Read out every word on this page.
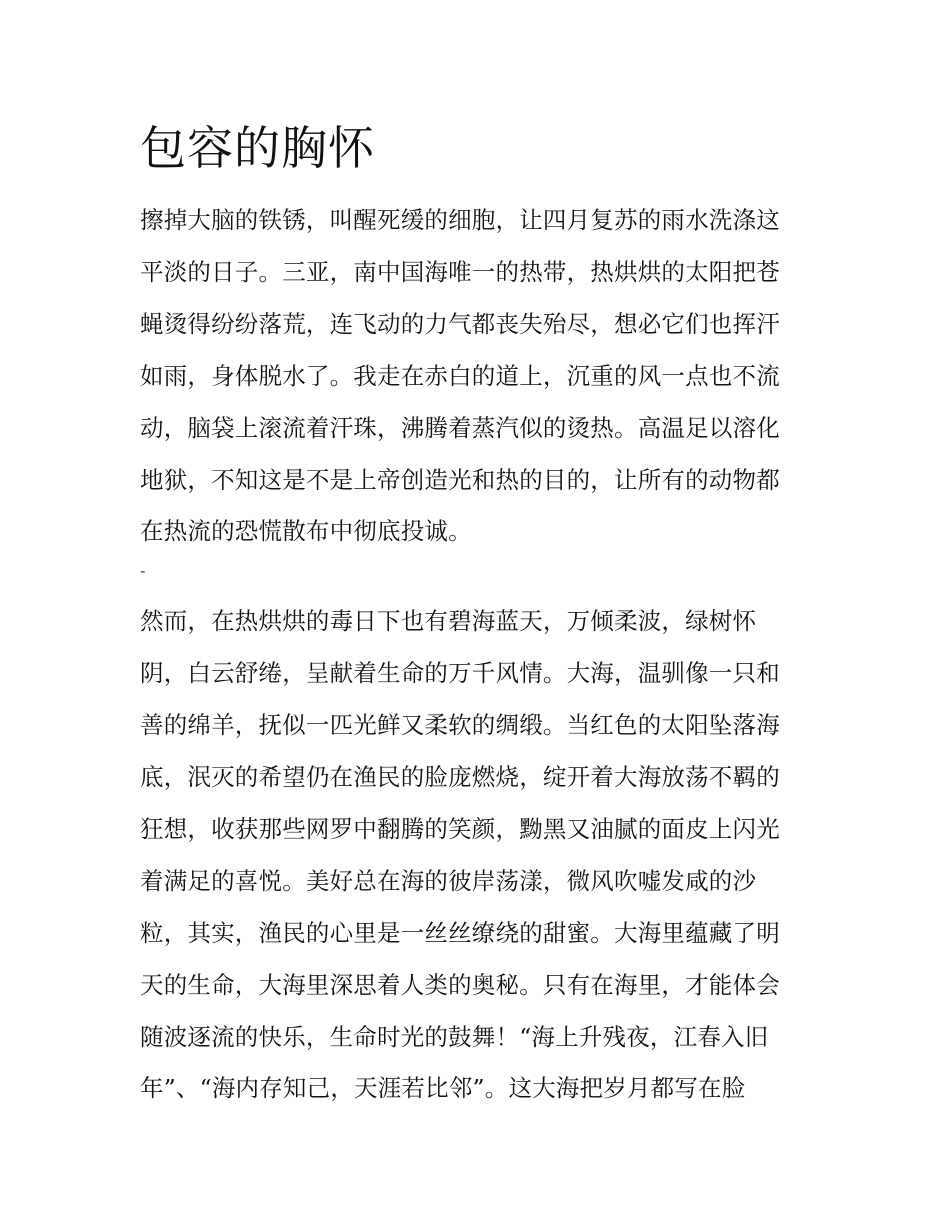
包容的胸怀

擦掉大脑的铁锈，叫醒死缓的细胞，让四月复苏的雨水洗涤这

平淡的日子。三亚，南中国海唯一的热带，热烘烘的太阳把苍

蝇烫得纷纷落荒，连飞动的力气都丧失殆尽，想必它们也挥汗

如雨，身体脱水了。我走在赤白的道上，沉重的风一点也不流

动，脑袋上滚流着汗珠，沸腾着蒸汽似的烫热。高温足以溶化

地狱，不知这是不是上帝创造光和热的目的，让所有的动物都

在热流的恐慌散布中彻底投诚。

-

然而，在热烘烘的毒日下也有碧海蓝天，万倾柔波，绿树怀

阴，白云舒绻，呈献着生命的万千风情。大海，温驯像一只和

善的绵羊，抚似一匹光鲜又柔软的绸缎。当红色的太阳坠落海

底，泯灭的希望仍在渔民的脸庞燃烧，绽开着大海放荡不羁的

狂想，收获那些网罗中翻腾的笑颜，黝黑又油腻的面皮上闪光

着满足的喜悦。美好总在海的彼岸荡漾，微风吹嘘发咸的沙

粒，其实，渔民的心里是一丝丝缭绕的甜蜜。大海里蕴藏了明

天的生命，大海里深思着人类的奥秘。只有在海里，才能体会

随波逐流的快乐，生命时光的鼓舞！“海上升残夜，江春入旧

年”、“海内存知己，天涯若比邻”。这大海把岁月都写在脸
